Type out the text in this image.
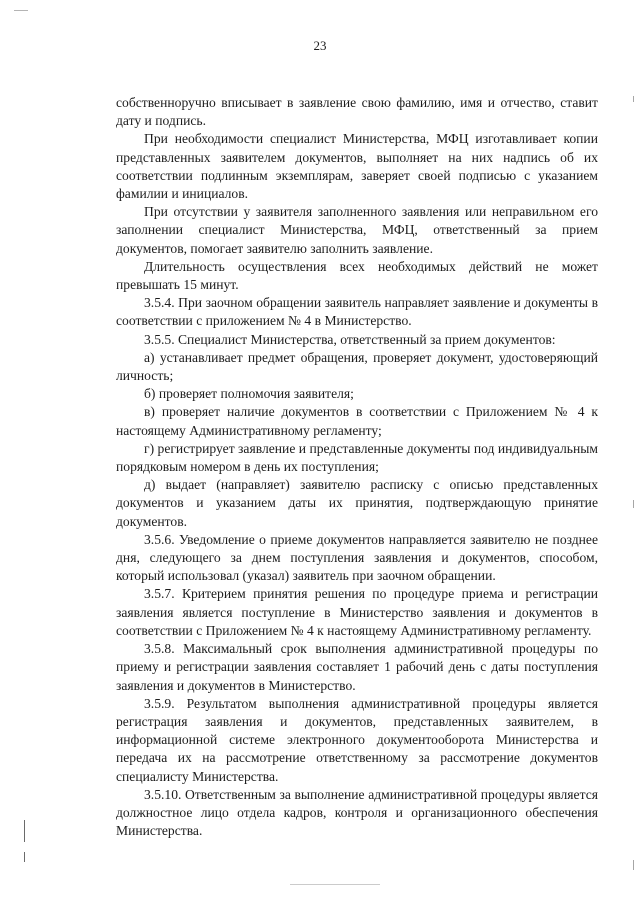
23

собственноручно вписывает в заявление свою фамилию, имя и отчество, ставит дату и подпись.

При необходимости специалист Министерства, МФЦ изготавливает копии представленных заявителем документов, выполняет на них надпись об их соответствии подлинным экземплярам, заверяет своей подписью с указанием фамилии и инициалов.

При отсутствии у заявителя заполненного заявления или неправильном его заполнении специалист Министерства, МФЦ, ответственный за прием документов, помогает заявителю заполнить заявление.

Длительность осуществления всех необходимых действий не может превышать 15 минут.

3.5.4. При заочном обращении заявитель направляет заявление и документы в соответствии с приложением № 4 в Министерство.

3.5.5. Специалист Министерства, ответственный за прием документов:

а) устанавливает предмет обращения, проверяет документ, удостоверяющий личность;

б) проверяет полномочия заявителя;

в) проверяет наличие документов в соответствии с Приложением № 4 к настоящему Административному регламенту;

г) регистрирует заявление и представленные документы под индивидуальным порядковым номером в день их поступления;

д) выдает (направляет) заявителю расписку с описью представленных документов и указанием даты их принятия, подтверждающую принятие документов.

3.5.6. Уведомление о приеме документов направляется заявителю не позднее дня, следующего за днем поступления заявления и документов, способом, который использовал (указал) заявитель при заочном обращении.

3.5.7. Критерием принятия решения по процедуре приема и регистрации заявления является поступление в Министерство заявления и документов в соответствии с Приложением № 4 к настоящему Административному регламенту.

3.5.8. Максимальный срок выполнения административной процедуры по приему и регистрации заявления составляет 1 рабочий день с даты поступления заявления и документов в Министерство.

3.5.9. Результатом выполнения административной процедуры является регистрация заявления и документов, представленных заявителем, в информационной системе электронного документооборота Министерства и передача их на рассмотрение ответственному за рассмотрение документов специалисту Министерства.

3.5.10. Ответственным за выполнение административной процедуры является должностное лицо отдела кадров, контроля и организационного обеспечения Министерства.
